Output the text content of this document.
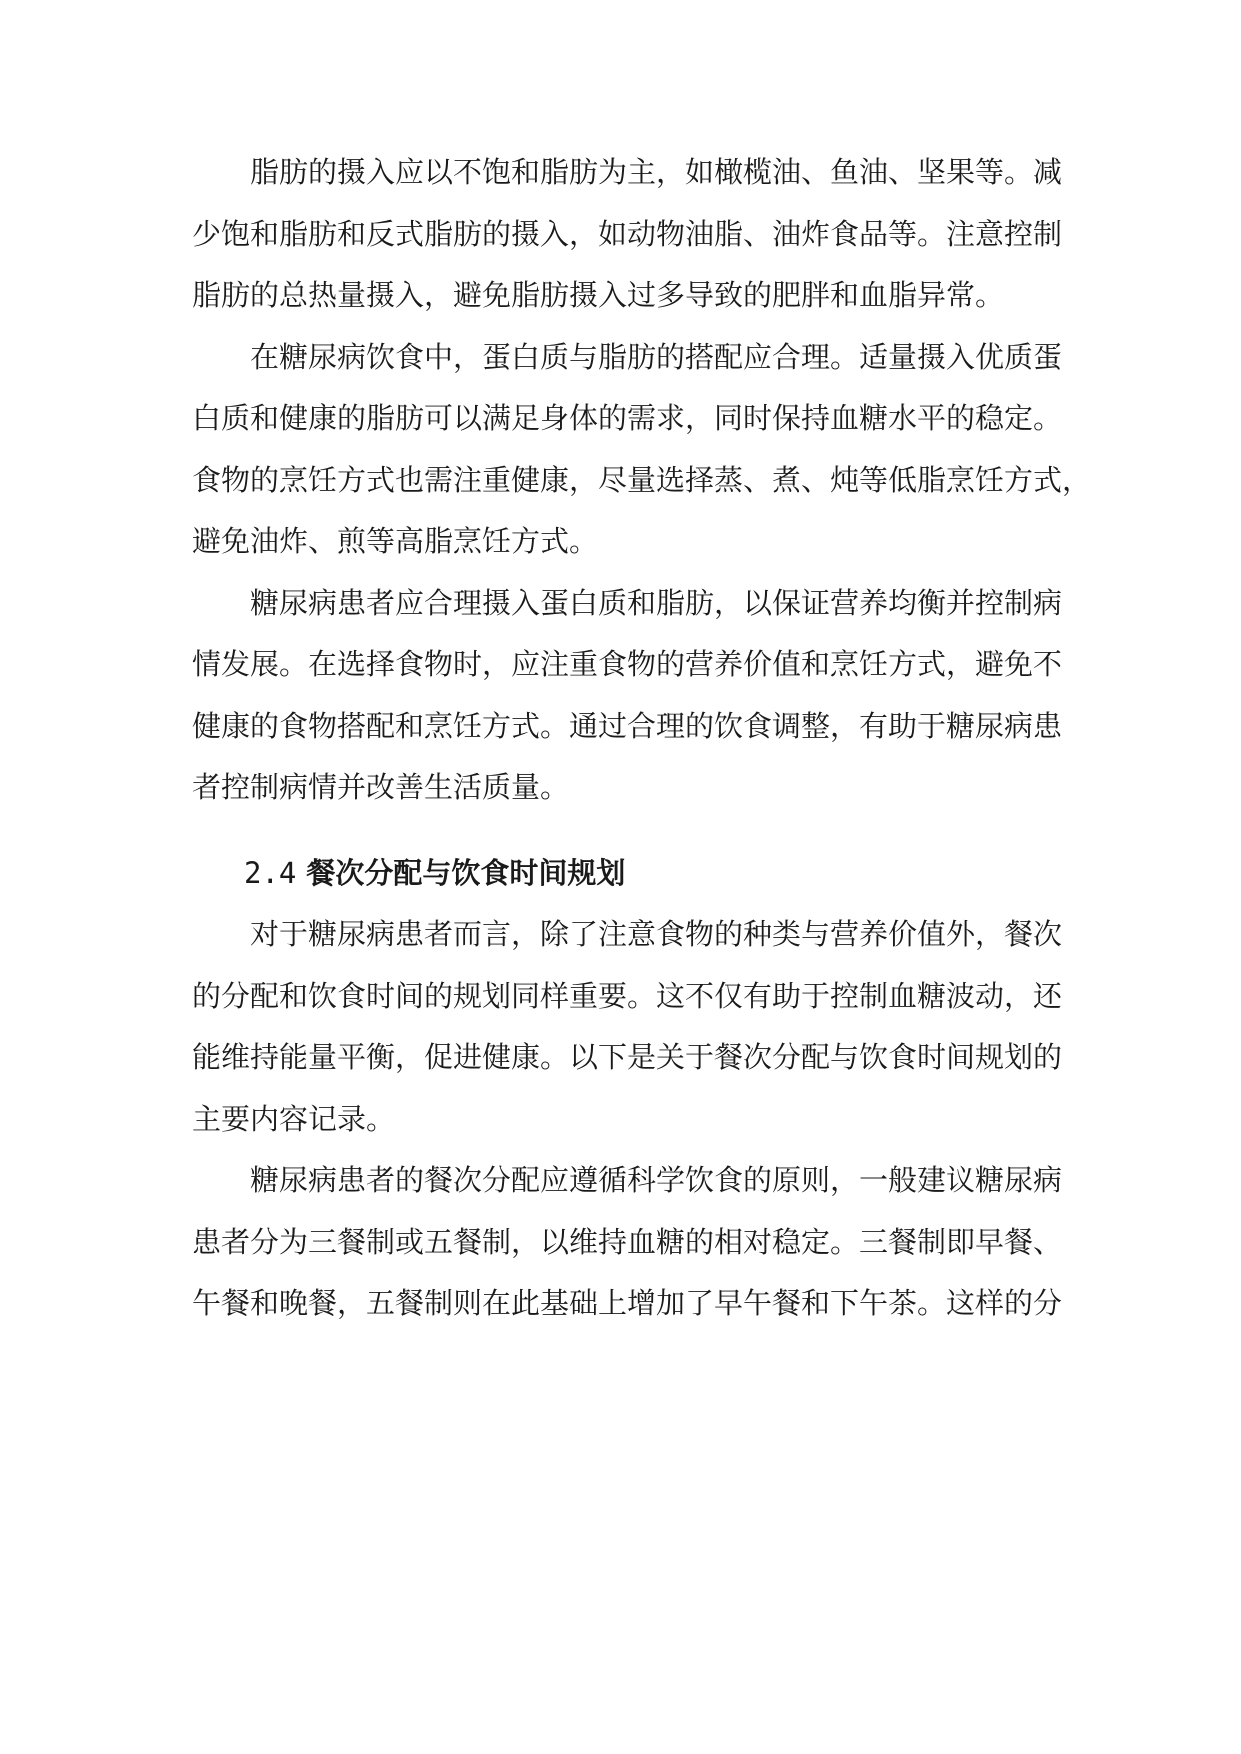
脂肪的摄入应以不饱和脂肪为主，如橄榄油、鱼油、坚果等。减
少饱和脂肪和反式脂肪的摄入，如动物油脂、油炸食品等。注意控制
脂肪的总热量摄入，避免脂肪摄入过多导致的肥胖和血脂异常。
在糖尿病饮食中，蛋白质与脂肪的搭配应合理。适量摄入优质蛋
白质和健康的脂肪可以满足身体的需求，同时保持血糖水平的稳定。
食物的烹饪方式也需注重健康，尽量选择蒸、煮、炖等低脂烹饪方式，
避免油炸、煎等高脂烹饪方式。
糖尿病患者应合理摄入蛋白质和脂肪，以保证营养均衡并控制病
情发展。在选择食物时，应注重食物的营养价值和烹饪方式，避免不
健康的食物搭配和烹饪方式。通过合理的饮食调整，有助于糖尿病患
者控制病情并改善生活质量。
2.4 餐次分配与饮食时间规划
对于糖尿病患者而言，除了注意食物的种类与营养价值外，餐次
的分配和饮食时间的规划同样重要。这不仅有助于控制血糖波动，还
能维持能量平衡，促进健康。以下是关于餐次分配与饮食时间规划的
主要内容记录。
糖尿病患者的餐次分配应遵循科学饮食的原则，一般建议糖尿病
患者分为三餐制或五餐制，以维持血糖的相对稳定。三餐制即早餐、
午餐和晚餐，五餐制则在此基础上增加了早午餐和下午茶。这样的分
